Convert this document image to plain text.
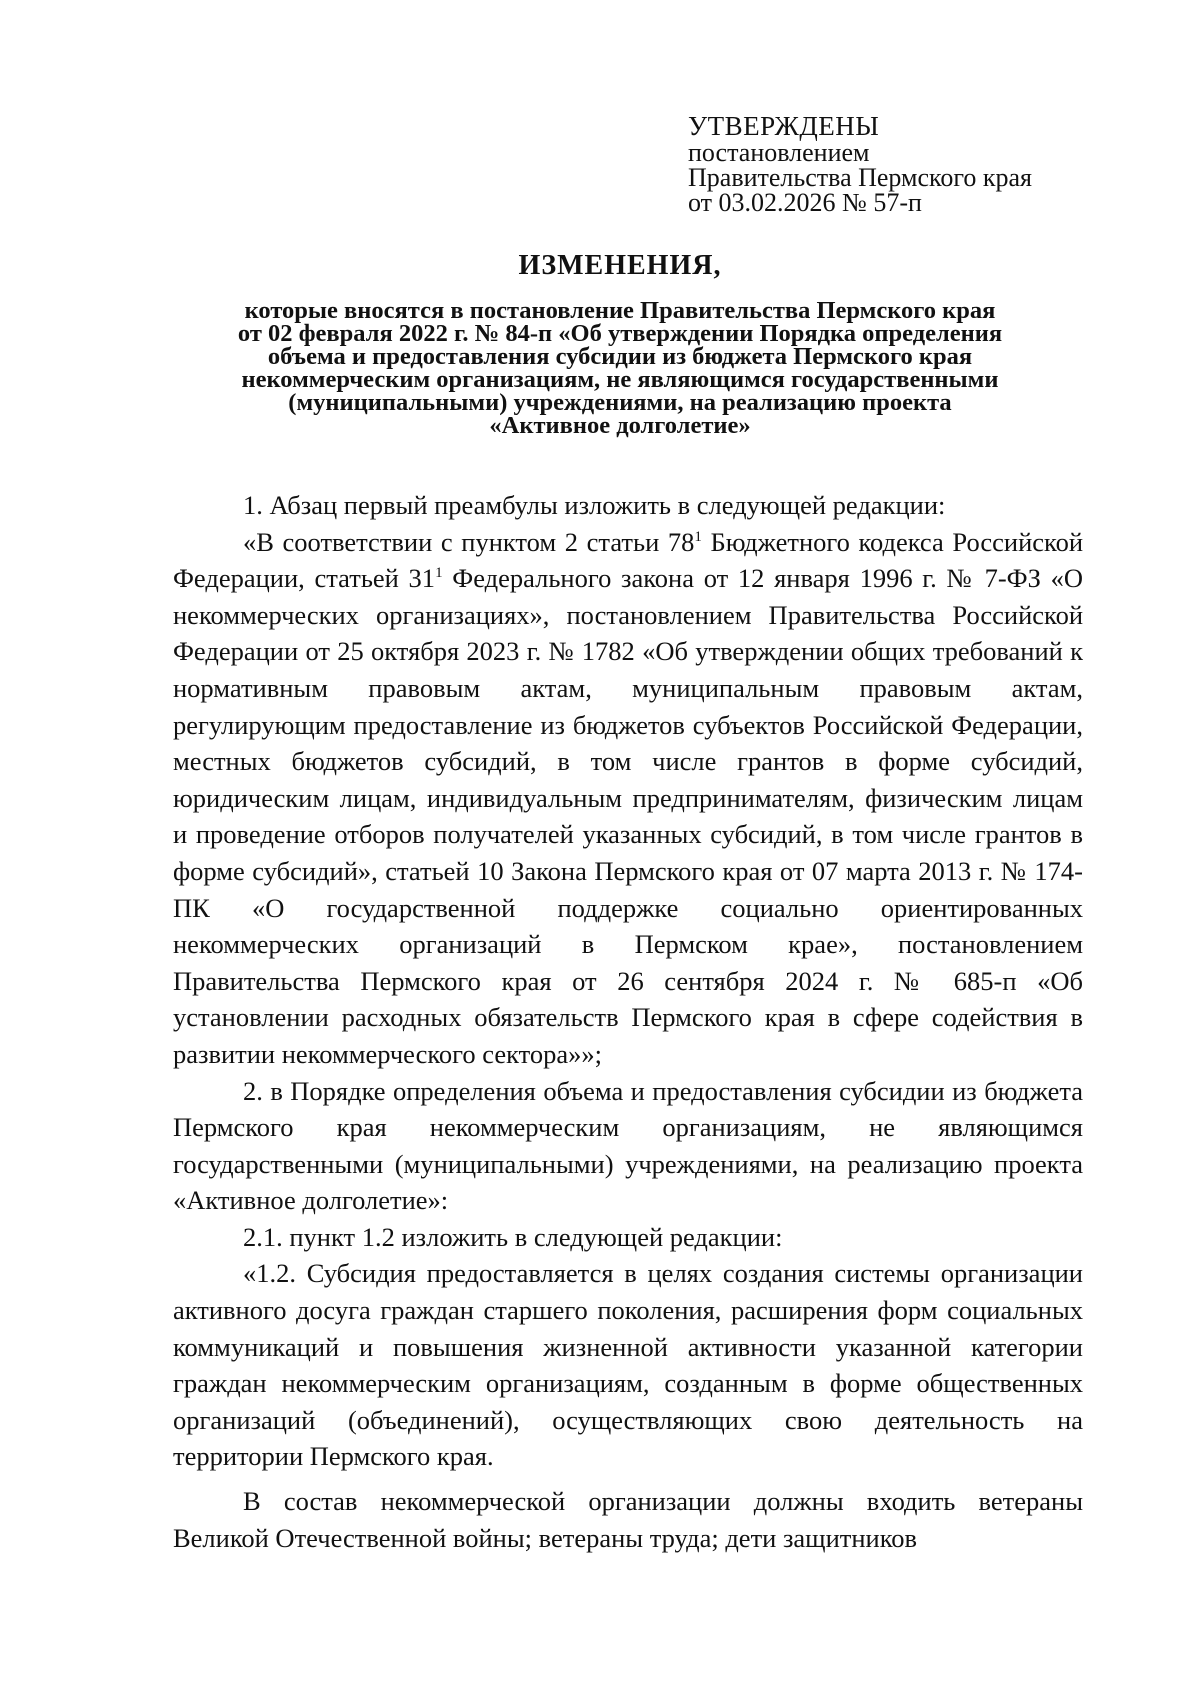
УТВЕРЖДЕНЫ
постановлением
Правительства Пермского края
от 03.02.2026 № 57-п
ИЗМЕНЕНИЯ,
которые вносятся в постановление Правительства Пермского края
от 02 февраля 2022 г. № 84-п «Об утверждении Порядка определения
объема и предоставления субсидии из бюджета Пермского края
некоммерческим организациям, не являющимся государственными
(муниципальными) учреждениями, на реализацию проекта
«Активное долголетие»

1. Абзац первый преамбулы изложить в следующей редакции:

«В соответствии с пунктом 2 статьи $78^1$ Бюджетного кодекса Российской Федерации, статьей $31^1$ Федерального закона от 12 января 1996 г. № 7-ФЗ «О некоммерческих организациях», постановлением Правительства Российской Федерации от 25 октября 2023 г. № 1782 «Об утверждении общих требований к нормативным правовым актам, муниципальным правовым актам, регулирующим предоставление из бюджетов субъектов Российской Федерации, местных бюджетов субсидий, в том числе грантов в форме субсидий, юридическим лицам, индивидуальным предпринимателям, физическим лицам и проведение отборов получателей указанных субсидий, в том числе грантов в форме субсидий», статьей 10 Закона Пермского края от 07 марта 2013 г. № 174-ПК «О государственной поддержке социально ориентированных некоммерческих организаций в Пермском крае», постановлением Правительства Пермского края от 26 сентября 2024 г. № 685-п «Об установлении расходных обязательств Пермского края в сфере содействия в развитии некоммерческого сектора»»;

2. в Порядке определения объема и предоставления субсидии из бюджета Пермского края некоммерческим организациям, не являющимся государственными (муниципальными) учреждениями, на реализацию проекта «Активное долголетие»:

2.1. пункт 1.2 изложить в следующей редакции:

«1.2. Субсидия предоставляется в целях создания системы организации активного досуга граждан старшего поколения, расширения форм социальных коммуникаций и повышения жизненной активности указанной категории граждан некоммерческим организациям, созданным в форме общественных организаций (объединений), осуществляющих свою деятельность на территории Пермского края.

В состав некоммерческой организации должны входить ветераны Великой Отечественной войны; ветераны труда; дети защитников
